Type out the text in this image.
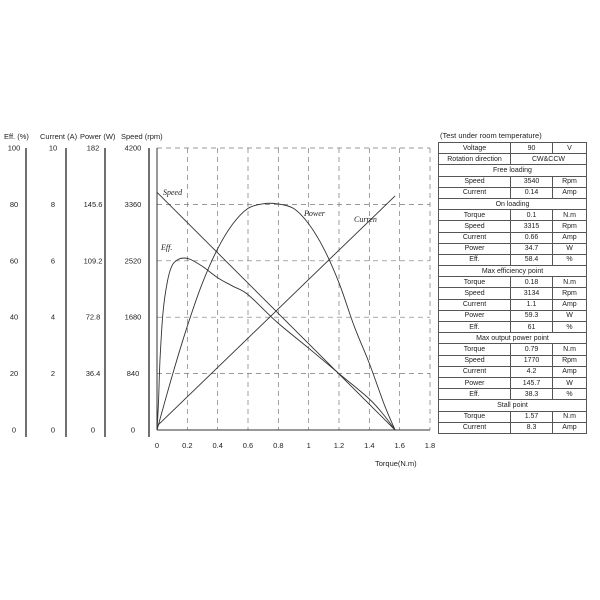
0	0.2	0.4	0.6	0.8	1	1.2	1.4	1.6	1.8
Torque(N.m)
Eff. (%)
0
20
40
60
80
100
Current (A)
0
2
4
6
8
10
Power (W)
0
36.4
72.8
109.2
145.6
182
Speed (rpm)
0
840
1680
2520
3360
4200
Speed
Curren
Power
Eff.
(Test under room temperature)
Voltage	90	V
Rotation direction	CW&CCW	
Free loading		
Speed	3540	Rpm
Current	0.14	Amp
On loading		
Torque	0.1	N.m
Speed	3315	Rpm
Current	0.66	Amp
Power	34.7	W
Eff.	58.4	%
Max efficiency point		
Torque	0.18	N.m
Speed	3134	Rpm
Current	1.1	Amp
Power	59.3	W
Eff.	61	%
Max output power point		
Torque	0.79	N.m
Speed	1770	Rpm
Current	4.2	Amp
Power	145.7	W
Eff.	38.3	%
Stall point		
Torque	1.57	N.m
Current	8.3	Amp
